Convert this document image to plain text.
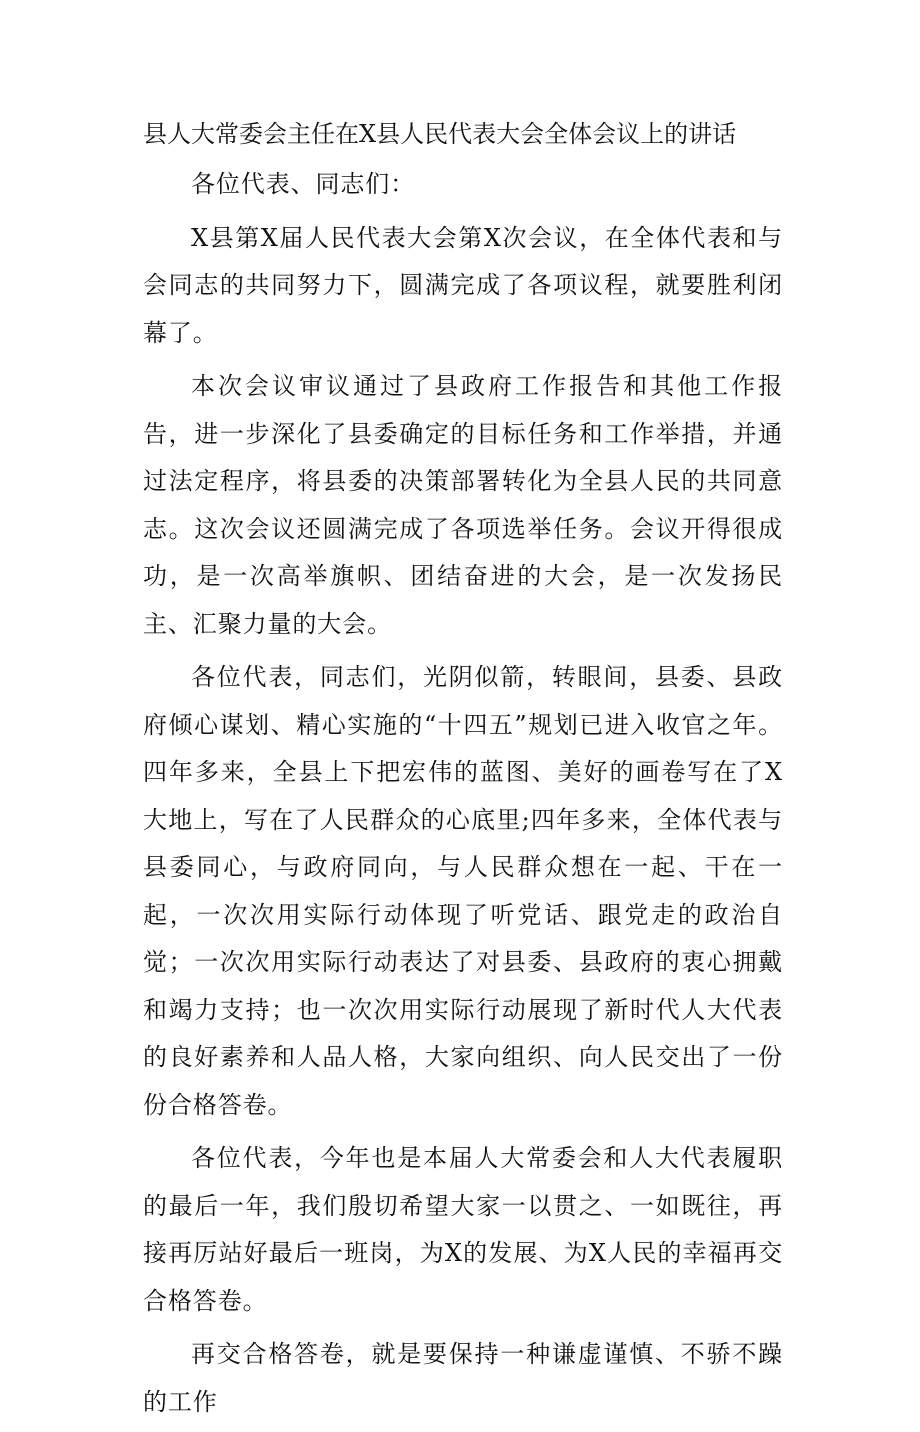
县人大常委会主任在X县人民代表大会全体会议上的讲话

各位代表、同志们：

X县第X届人民代表大会第X次会议，在全体代表和与会同志的共同努力下，圆满完成了各项议程，就要胜利闭幕了。

本次会议审议通过了县政府工作报告和其他工作报告，进一步深化了县委确定的目标任务和工作举措，并通过法定程序，将县委的决策部署转化为全县人民的共同意志。这次会议还圆满完成了各项选举任务。会议开得很成功，是一次高举旗帜、团结奋进的大会，是一次发扬民主、汇聚力量的大会。

各位代表，同志们，光阴似箭，转眼间，县委、县政府倾心谋划、精心实施的“十四五”规划已进入收官之年。四年多来，全县上下把宏伟的蓝图、美好的画卷写在了X大地上，写在了人民群众的心底里;四年多来，全体代表与县委同心，与政府同向，与人民群众想在一起、干在一起，一次次用实际行动体现了听党话、跟党走的政治自觉；一次次用实际行动表达了对县委、县政府的衷心拥戴和竭力支持；也一次次用实际行动展现了新时代人大代表的良好素养和人品人格，大家向组织、向人民交出了一份份合格答卷。

各位代表，今年也是本届人大常委会和人大代表履职的最后一年，我们殷切希望大家一以贯之、一如既往，再接再厉站好最后一班岗，为X的发展、为X人民的幸福再交合格答卷。

再交合格答卷，就是要保持一种谦虚谨慎、不骄不躁的工作
